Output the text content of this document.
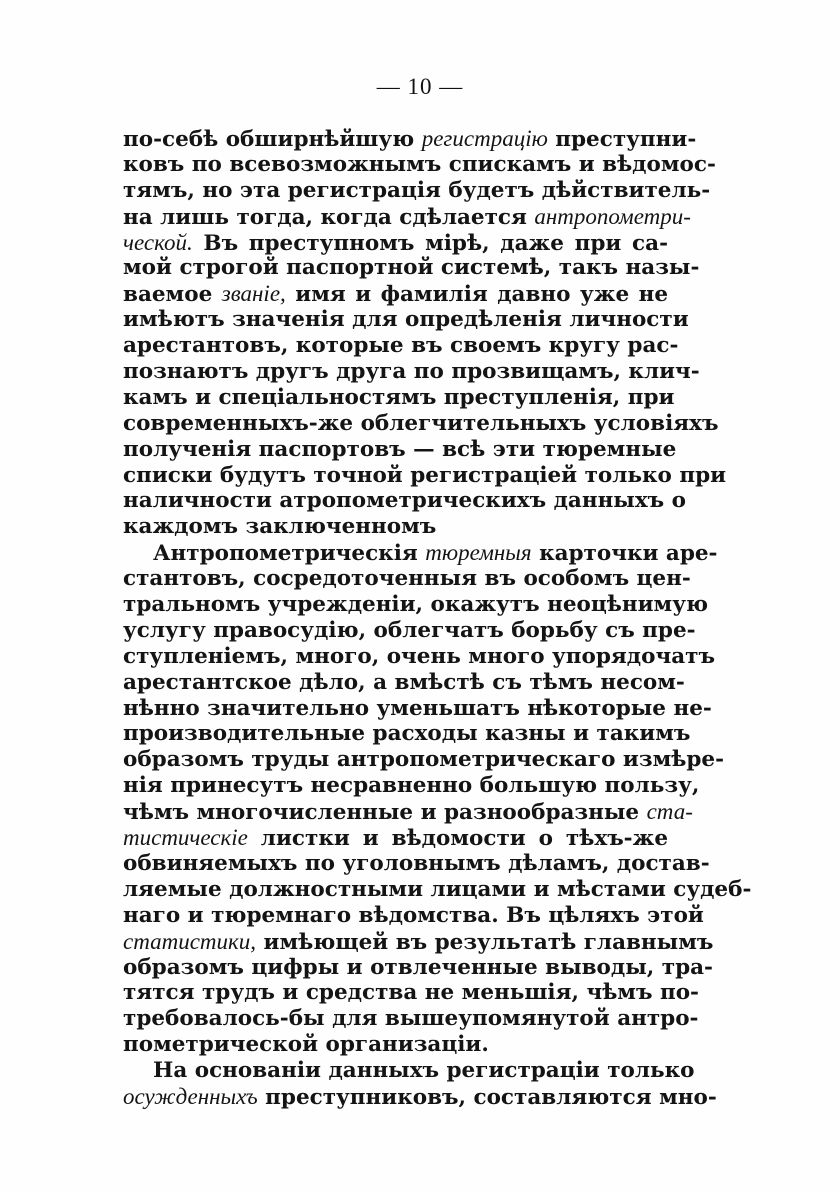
— 10 —
по-себѣ обширнѣйшую регистрацію преступни-
ковъ по всевозможнымъ спискамъ и вѣдомос-
тямъ, но эта регистрація будетъ дѣйствитель-
на лишь тогда, когда сдѣлается антропометри-
ческой. Въ преступномъ мірѣ, даже при са-
мой строгой паспортной системѣ, такъ назы-
ваемое званіе, имя и фамилія давно уже не
имѣютъ значенія для опредѣленія личности
арестантовъ, которые въ своемъ кругу рас-
познаютъ другъ друга по прозвищамъ, клич-
камъ и спеціальностямъ преступленія, при
современныхъ-же облегчительныхъ условіяхъ
полученія паспортовъ — всѣ эти тюремные
списки будутъ точной регистраціей только при
наличности атропометрическихъ данныхъ о
каждомъ заключенномъ
Антропометрическія тюремныя карточки аре-
стантовъ, сосредоточенныя въ особомъ цен-
тральномъ учрежденіи, окажутъ неоцѣнимую
услугу правосудію, облегчатъ борьбу съ пре-
ступленіемъ, много, очень много упорядочатъ
арестантское дѣло, а вмѣстѣ съ тѣмъ несом-
нѣнно значительно уменьшатъ нѣкоторые не-
производительные расходы казны и такимъ
образомъ труды антропометрическаго измѣре-
нія принесутъ несравненно большую пользу,
чѣмъ многочисленные и разнообразные ста-
тистическіе листки и вѣдомости о тѣхъ-же
обвиняемыхъ по уголовнымъ дѣламъ, достав-
ляемые должностными лицами и мѣстами судеб-
наго и тюремнаго вѣдомства. Въ цѣляхъ этой
статистики, имѣющей въ результатѣ главнымъ
образомъ цифры и отвлеченные выводы, тра-
тятся трудъ и средства не меньшія, чѣмъ по-
требовалось-бы для вышеупомянутой антро-
пометрической организаціи.
На основаніи данныхъ регистраціи только
осужденныхъ преступниковъ, составляются мно-
